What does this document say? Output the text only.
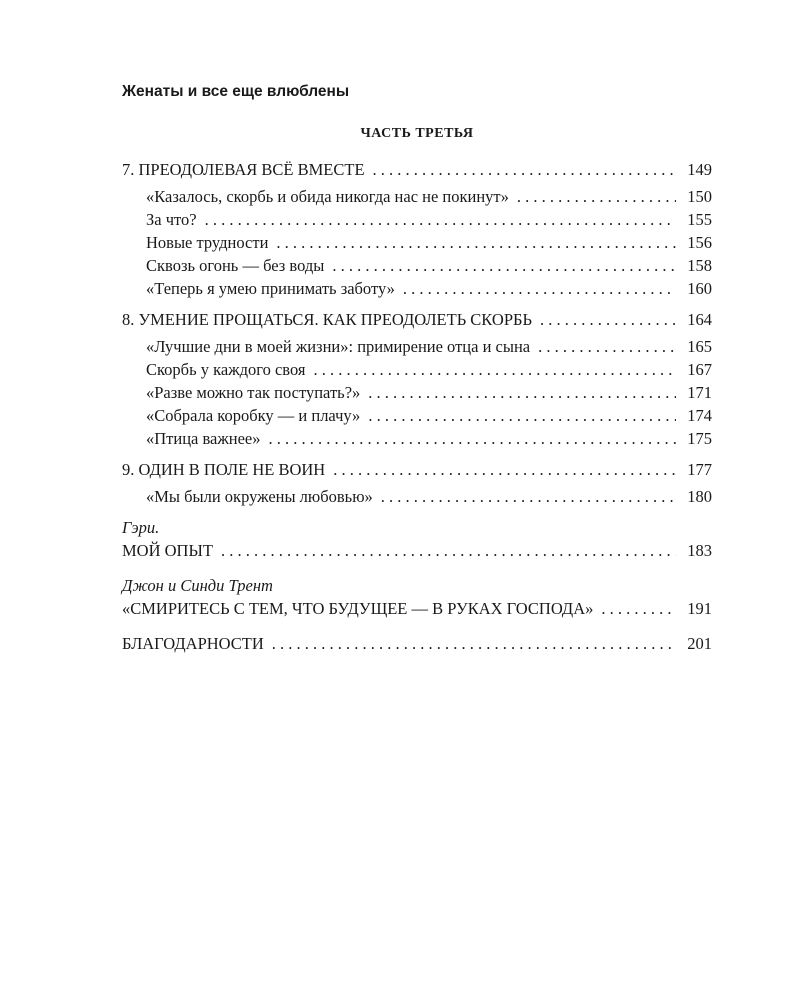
Женаты и все еще влюблены
ЧАСТЬ ТРЕТЬЯ
7. ПРЕОДОЛЕВАЯ ВСЁ ВМЕСТЕ . . .	149
«Казалось, скорбь и обида никогда нас не покинут» . . .	150
За что? . . .	155
Новые трудности . . .	156
Сквозь огонь — без воды . . .	158
«Теперь я умею принимать заботу» . . .	160
8. УМЕНИЕ ПРОЩАТЬСЯ. КАК ПРЕОДОЛЕТЬ СКОРБЬ . . .	164
«Лучшие дни в моей жизни»: примирение отца и сына . . .	165
Скорбь у каждого своя . . .	167
«Разве можно так поступать?» . . .	171
«Собрала коробку — и плачу» . . .	174
«Птица важнее» . . .	175
9. ОДИН В ПОЛЕ НЕ ВОИН . . .	177
«Мы были окружены любовью» . . .	180
Гэри.
МОЙ ОПЫТ . . .	183
Джон и Синди Трент
«СМИРИТЕСЬ С ТЕМ, ЧТО БУДУЩЕЕ — В РУКАХ ГОСПОДА» . . .	191
БЛАГОДАРНОСТИ . . .	201
